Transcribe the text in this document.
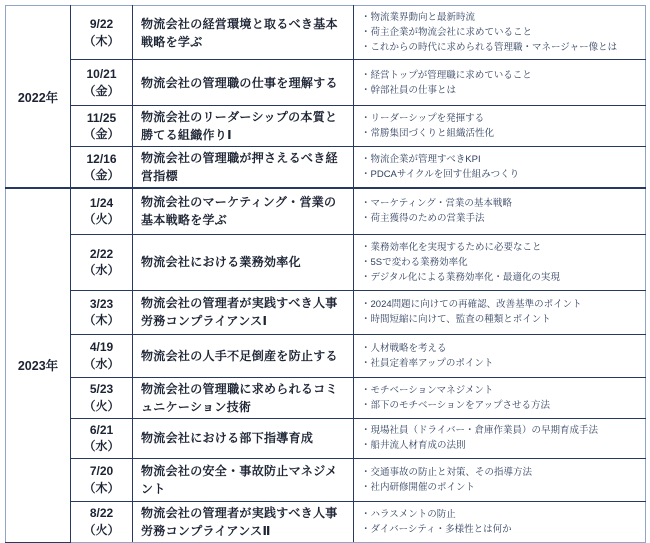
2022年	
9/22
（木）
	物流会社の経営環境と取るべき基本戦略を学ぶ	
・物流業界動向と最新時流
・荷主企業が物流会社に求めていること
・これからの時代に求められる管理職・マネージャー像とは

10/21
（金）
	物流会社の管理職の仕事を理解する	
・経営トップが管理職に求めていること
・幹部社員の仕事とは

11/25
（金）
	物流会社のリーダーシップの本質と勝てる組織作りⅠ	
・リーダーシップを発揮する
・常勝集団づくりと組織活性化

12/16
（金）
	物流会社の管理職が押さえるべき経営指標	
・物流企業が管理すべきKPI
・PDCAサイクルを回す仕組みつくり

2023年	
1/24
（火）
	物流会社のマーケティング・営業の基本戦略を学ぶ	
・マーケティング・営業の基本戦略
・荷主獲得のための営業手法

2/22
（水）
	物流会社における業務効率化	
・業務効率化を実現するために必要なこと
・5Sで変わる業務効率化
・デジタル化による業務効率化・最適化の実現

3/23
（木）
	物流会社の管理者が実践すべき人事労務コンプライアンスⅠ	
・2024問題に向けての再確認、改善基準のポイント
・時間短縮に向けて、監査の種類とポイント

4/19
（水）
	物流会社の人手不足倒産を防止する	
・人材戦略を考える
・社員定着率アップのポイント

5/23
（火）
	物流会社の管理職に求められるコミュニケーション技術	
・モチベーションマネジメント
・部下のモチベーションをアップさせる方法

6/21
（水）
	物流会社における部下指導育成	
・現場社員（ドライバー・倉庫作業員）の早期育成手法
・船井流人材育成の法則

7/20
（木）
	物流会社の安全・事故防止マネジメント	
・交通事故の防止と対策、その指導方法
・社内研修開催のポイント

8/22
（火）
	物流会社の管理者が実践すべき人事労務コンプライアンスⅡ	
・ハラスメントの防止
・ダイバーシティ・多様性とは何か
